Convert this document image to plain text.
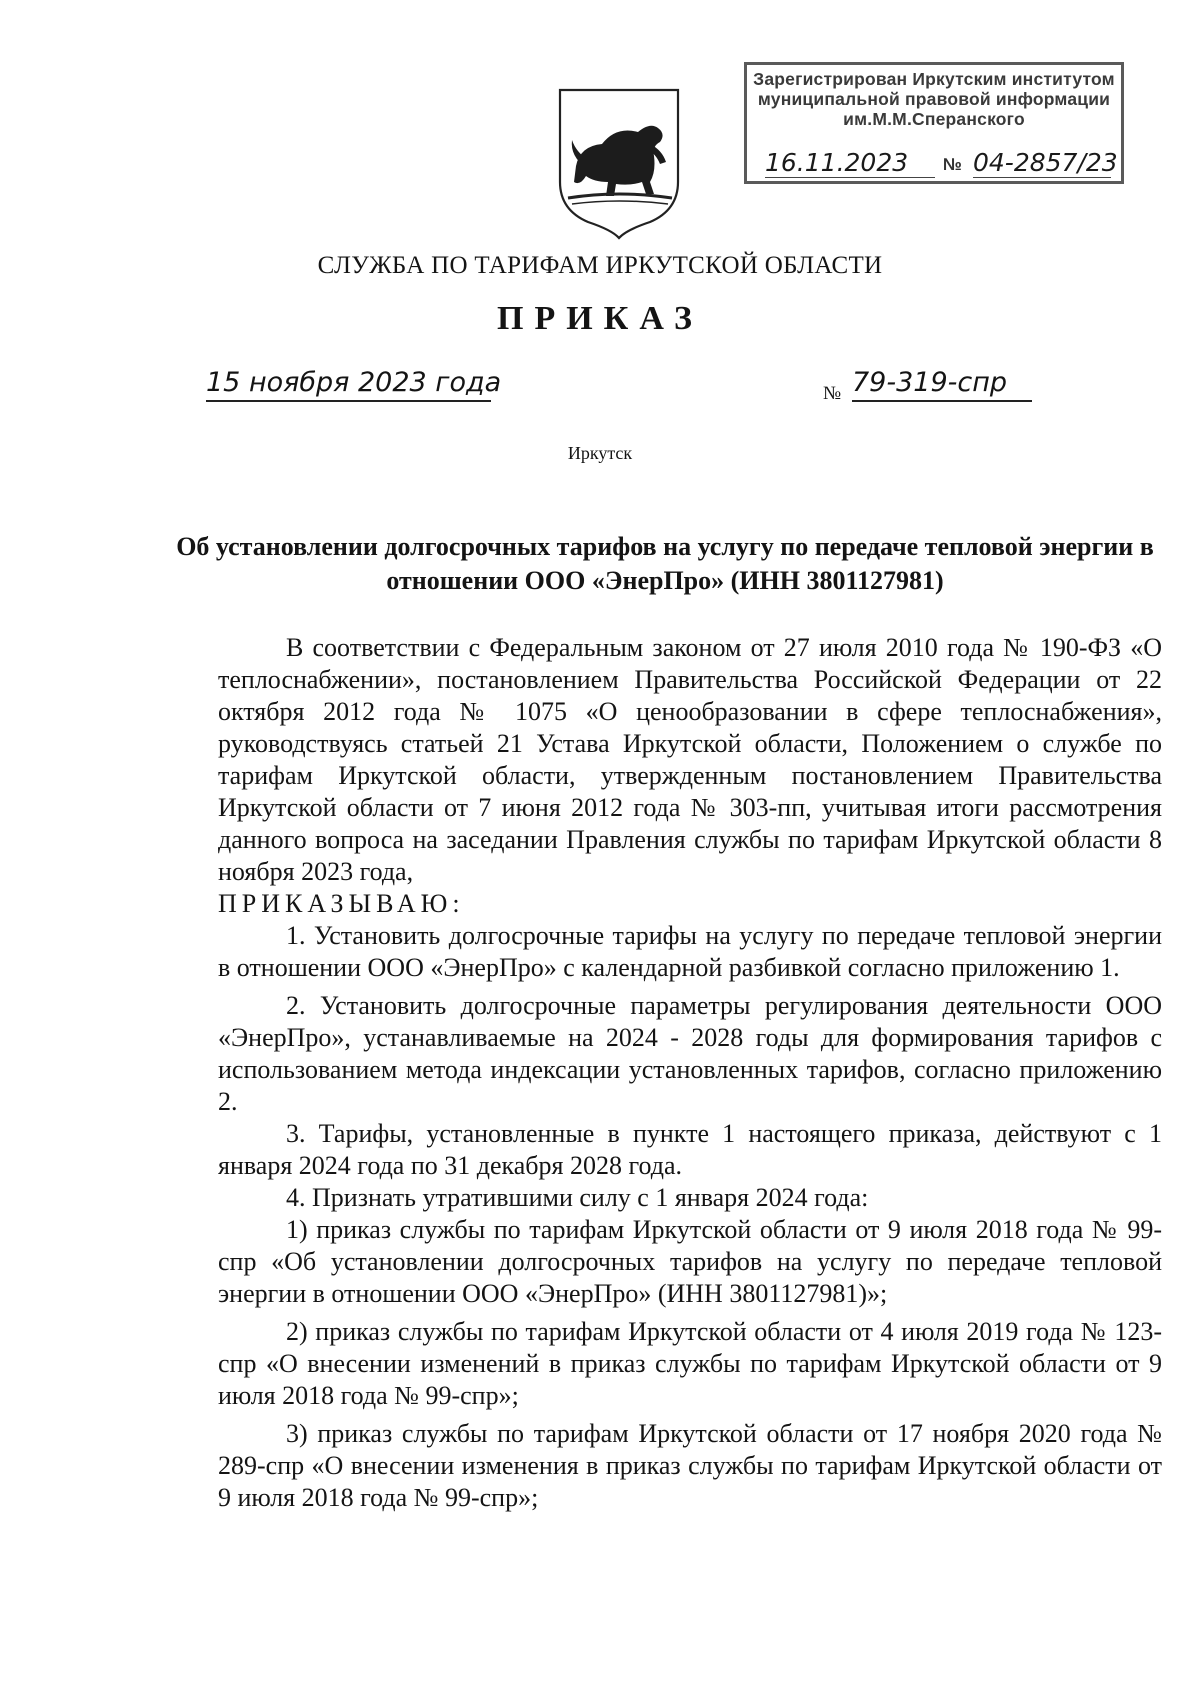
Зарегистрирован Иркутским институтом
муниципальной правовой информации
им.М.М.Сперанского
16.11.2023	№ 04-2857/23
СЛУЖБА ПО ТАРИФАМ ИРКУТСКОЙ ОБЛАСТИ
ПРИКАЗ
15 ноября 2023 года	№ 79-319-спр
Иркутск
Об установлении долгосрочных тарифов на услугу по передаче тепловой энергии в отношении ООО «ЭнерПро» (ИНН 3801127981)

В соответствии с Федеральным законом от 27 июля 2010 года № 190-ФЗ «О теплоснабжении», постановлением Правительства Российской Федерации от 22 октября 2012 года № 1075 «О ценообразовании в сфере теплоснабжения», руководствуясь статьей 21 Устава Иркутской области, Положением о службе по тарифам Иркутской области, утвержденным постановлением Правительства Иркутской области от 7 июня 2012 года № 303-пп, учитывая итоги рассмотрения данного вопроса на заседании Правления службы по тарифам Иркутской области 8 ноября 2023 года,

ПРИКАЗЫВАЮ:

1. Установить долгосрочные тарифы на услугу по передаче тепловой энергии в отношении ООО «ЭнерПро» с календарной разбивкой согласно приложению 1.

2. Установить долгосрочные параметры регулирования деятельности ООО «ЭнерПро», устанавливаемые на 2024 - 2028 годы для формирования тарифов с использованием метода индексации установленных тарифов, согласно приложению 2.

3. Тарифы, установленные в пункте 1 настоящего приказа, действуют с 1 января 2024 года по 31 декабря 2028 года.

4. Признать утратившими силу с 1 января 2024 года:

1) приказ службы по тарифам Иркутской области от 9 июля 2018 года № 99-спр «Об установлении долгосрочных тарифов на услугу по передаче тепловой энергии в отношении ООО «ЭнерПро» (ИНН 3801127981)»;

2) приказ службы по тарифам Иркутской области от 4 июля 2019 года № 123-спр «О внесении изменений в приказ службы по тарифам Иркутской области от 9 июля 2018 года № 99-спр»;

3) приказ службы по тарифам Иркутской области от 17 ноября 2020 года № 289-спр «О внесении изменения в приказ службы по тарифам Иркутской области от 9 июля 2018 года № 99-спр»;
